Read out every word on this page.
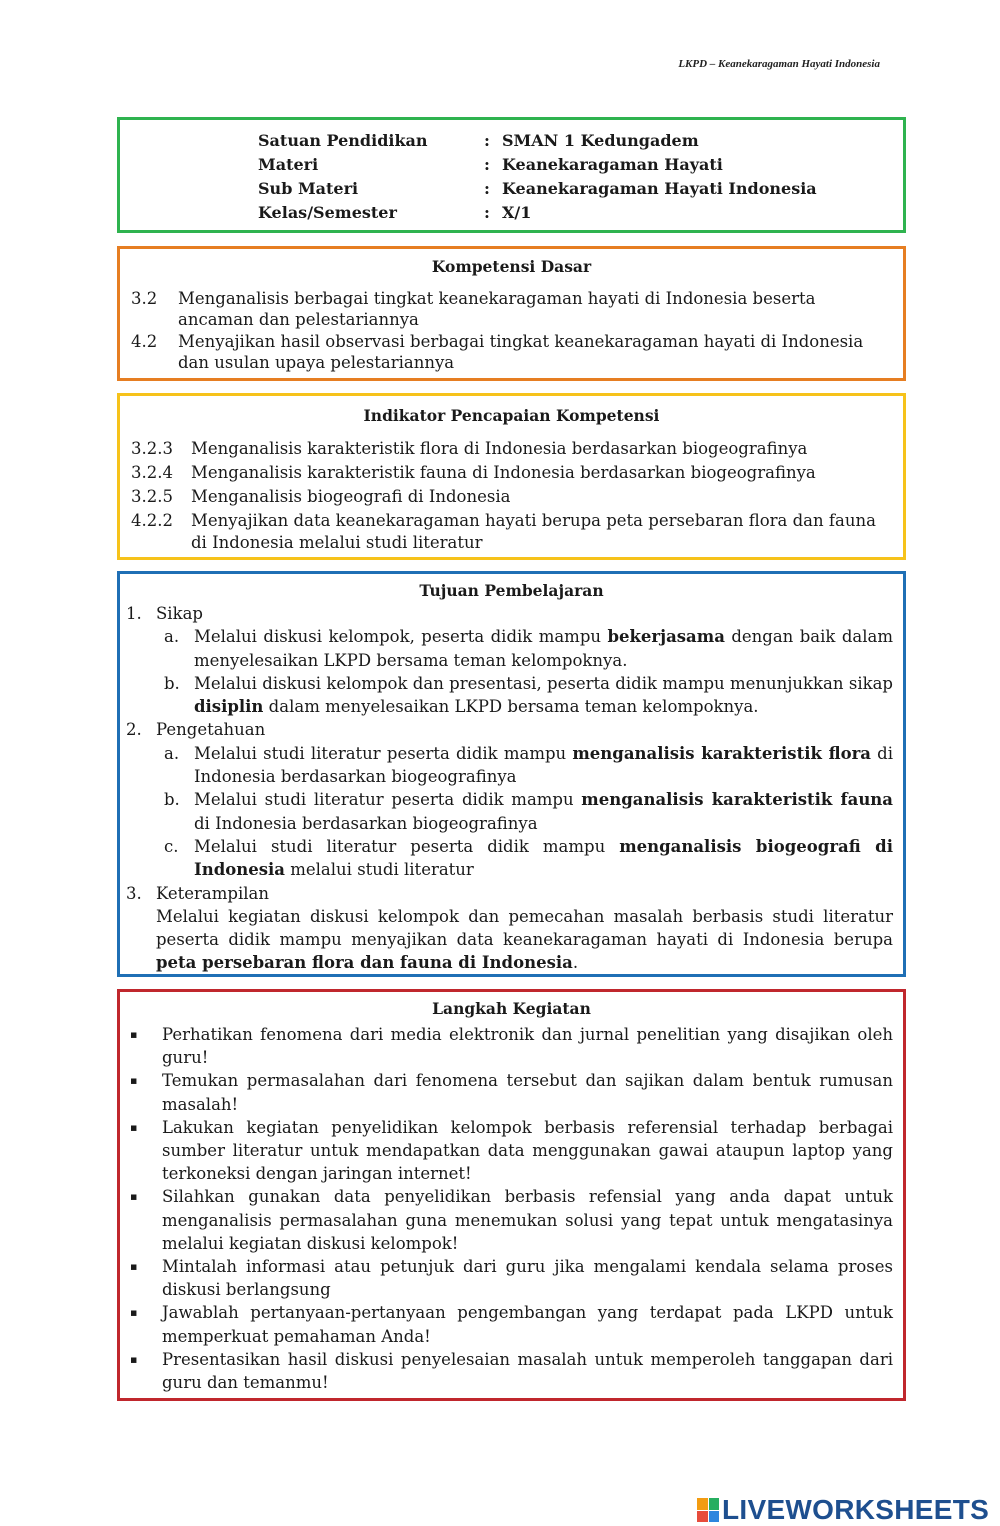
LKPD – Keanekaragaman Hayati Indonesia
Satuan Pendidikan	: SMAN 1 Kedungadem
Materi	: Keanekaragaman Hayati
Sub Materi	: Keanekaragaman Hayati Indonesia
Kelas/Semester	: X/1
Kompetensi Dasar
3.2	Menganalisis berbagai tingkat keanekaragaman hayati di Indonesia beserta ancaman dan pelestariannya
4.2	Menyajikan hasil observasi berbagai tingkat keanekaragaman hayati di Indonesia dan usulan upaya pelestariannya
Indikator Pencapaian Kompetensi
3.2.3	Menganalisis karakteristik flora di Indonesia berdasarkan biogeografinya
3.2.4	Menganalisis karakteristik fauna di Indonesia berdasarkan biogeografinya
3.2.5	Menganalisis biogeografi di Indonesia
4.2.2	Menyajikan data keanekaragaman hayati berupa peta persebaran flora dan fauna di Indonesia melalui studi literatur
Tujuan Pembelajaran
1. Sikap
a. Melalui diskusi kelompok, peserta didik mampu bekerjasama dengan baik dalam menyelesaikan LKPD bersama teman kelompoknya.
b. Melalui diskusi kelompok dan presentasi, peserta didik mampu menunjukkan sikap disiplin dalam menyelesaikan LKPD bersama teman kelompoknya.
2. Pengetahuan
a. Melalui studi literatur peserta didik mampu menganalisis karakteristik flora di Indonesia berdasarkan biogeografinya
b. Melalui studi literatur peserta didik mampu menganalisis karakteristik fauna di Indonesia berdasarkan biogeografinya
c. Melalui studi literatur peserta didik mampu menganalisis biogeografi di Indonesia melalui studi literatur
3. Keterampilan
Melalui kegiatan diskusi kelompok dan pemecahan masalah berbasis studi literatur peserta didik mampu menyajikan data keanekaragaman hayati di Indonesia berupa peta persebaran flora dan fauna di Indonesia.
Langkah Kegiatan
▪	Perhatikan fenomena dari media elektronik dan jurnal penelitian yang disajikan oleh guru!
▪	Temukan permasalahan dari fenomena tersebut dan sajikan dalam bentuk rumusan masalah!
▪	Lakukan kegiatan penyelidikan kelompok berbasis referensial terhadap berbagai sumber literatur untuk mendapatkan data menggunakan gawai ataupun laptop yang terkoneksi dengan jaringan internet!
▪	Silahkan gunakan data penyelidikan berbasis refensial yang anda dapat untuk menganalisis permasalahan guna menemukan solusi yang tepat untuk mengatasinya melalui kegiatan diskusi kelompok!
▪	Mintalah informasi atau petunjuk dari guru jika mengalami kendala selama proses diskusi berlangsung
▪	Jawablah pertanyaan-pertanyaan pengembangan yang terdapat pada LKPD untuk memperkuat pemahaman Anda!
▪	Presentasikan hasil diskusi penyelesaian masalah untuk memperoleh tanggapan dari guru dan temanmu!
LIVEWORKSHEETS
